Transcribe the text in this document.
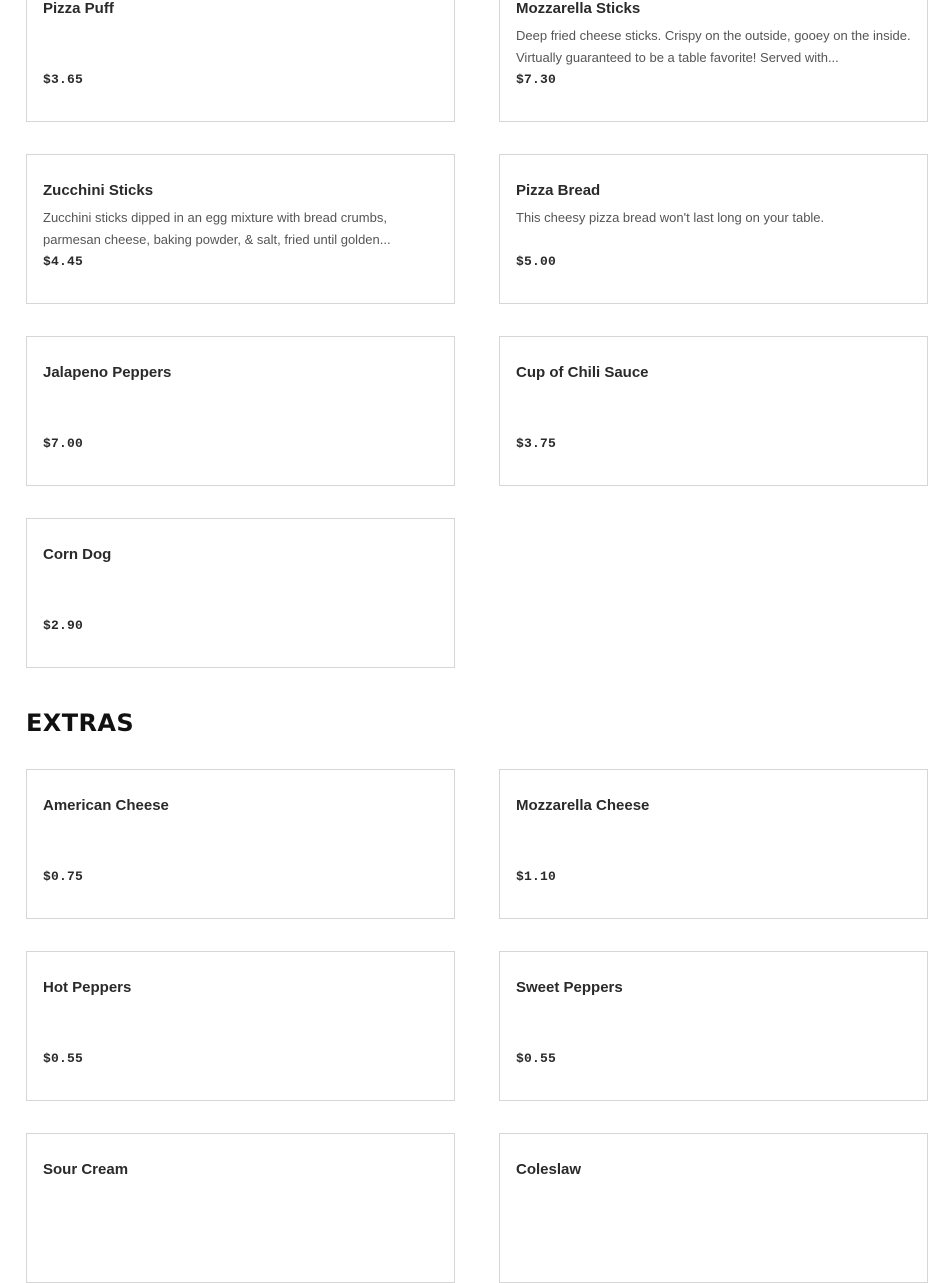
Pizza Puff
$3.65
Mozzarella Sticks
Deep fried cheese sticks. Crispy on the outside, gooey on the inside. Virtually guaranteed to be a table favorite! Served with...
$7.30
Zucchini Sticks
Zucchini sticks dipped in an egg mixture with bread crumbs, parmesan cheese, baking powder, & salt, fried until golden...
$4.45
Pizza Bread
This cheesy pizza bread won't last long on your table.
$5.00
Jalapeno Peppers
$7.00
Cup of Chili Sauce
$3.75
Corn Dog
$2.90
EXTRAS
American Cheese
$0.75
Mozzarella Cheese
$1.10
Hot Peppers
$0.55
Sweet Peppers
$0.55
Sour Cream	Coleslaw
